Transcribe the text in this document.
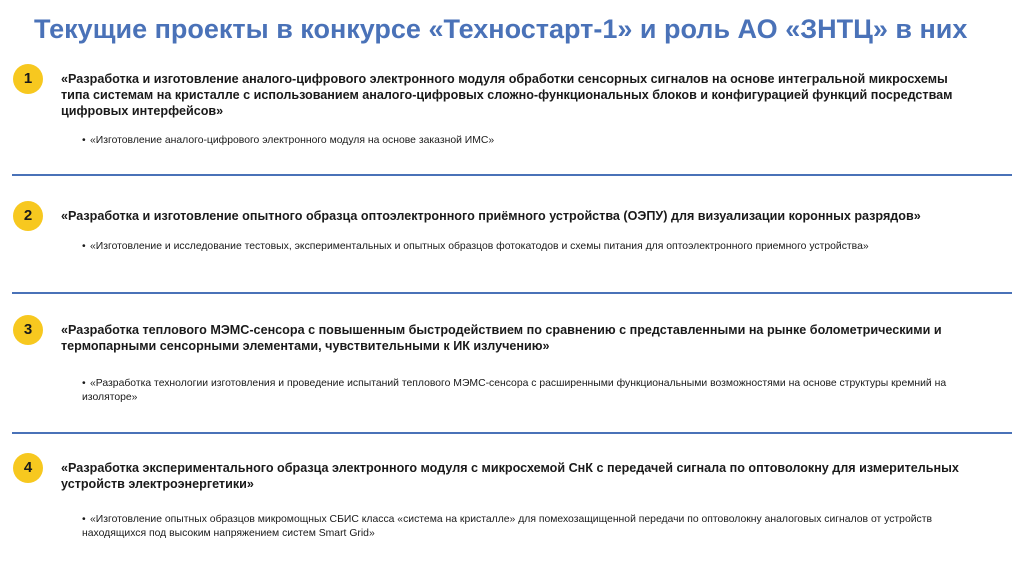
Текущие проекты в конкурсе «Техностарт-1» и роль АО «ЗНТЦ» в них
1	«Разработка и изготовление аналого-цифрового электронного модуля обработки сенсорных сигналов на основе интегральной микросхемы типа системам на кристалле с использованием аналого-цифровых сложно-функциональных блоков и конфигурацией функций посредствам цифровых интерфейсов»

• «Изготовление аналого-цифрового электронного модуля на основе заказной ИМС»

2	«Разработка и изготовление опытного образца оптоэлектронного приёмного устройства (ОЭПУ) для визуализации коронных разрядов»

• «Изготовление и исследование тестовых, экспериментальных и опытных образцов фотокатодов и схемы питания для оптоэлектронного приемного устройства»

3	«Разработка теплового МЭМС-сенсора с повышенным быстродействием по сравнению с представленными на рынке болометрическими и термопарными сенсорными элементами, чувствительными к ИК излучению»

• «Разработка технологии изготовления и проведение испытаний теплового МЭМС-сенсора с расширенными функциональными возможностями на основе структуры кремний на изоляторе»

4	«Разработка экспериментального образца электронного модуля с микросхемой СнК с передачей сигнала по оптоволокну для измерительных устройств электроэнергетики»

• «Изготовление опытных образцов микромощных СБИС класса «система на кристалле» для помехозащищенной передачи по оптоволокну аналоговых сигналов от устройств находящихся под высоким напряжением систем Smart Grid»
